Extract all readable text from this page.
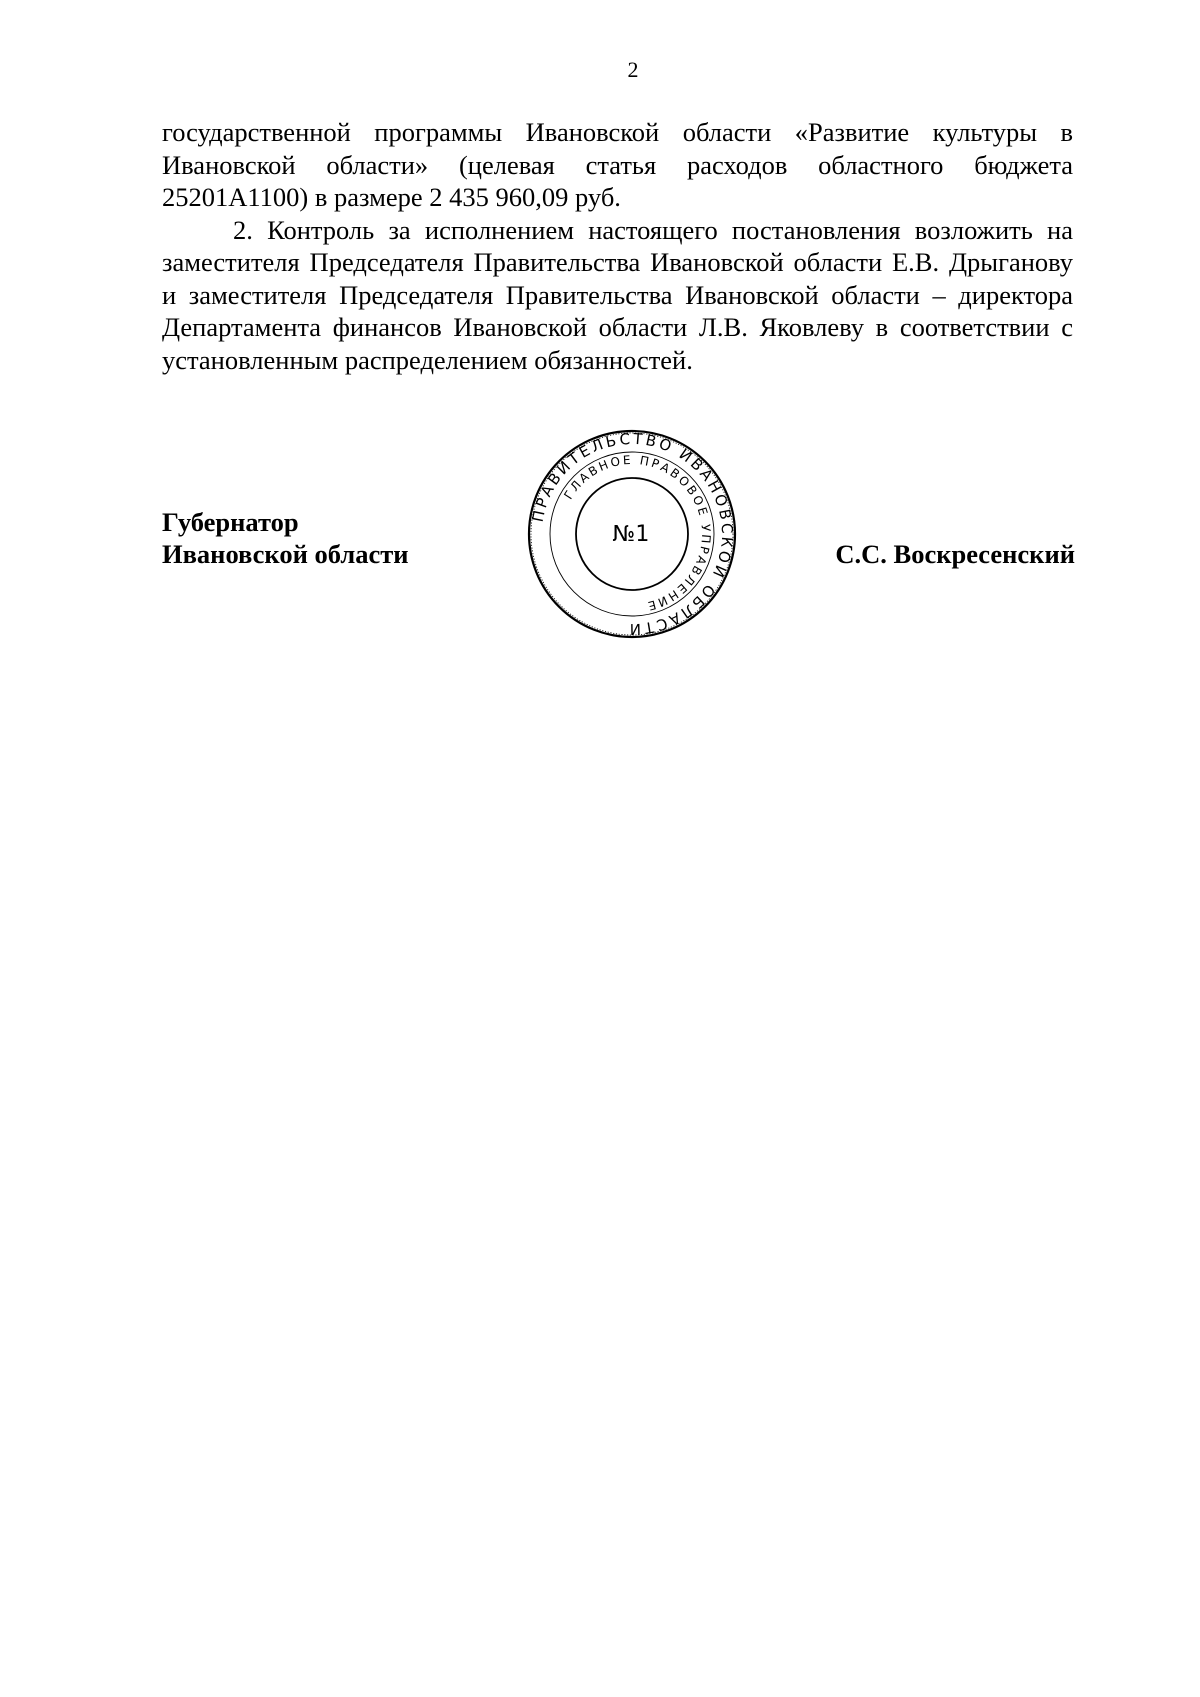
2

государственной программы Ивановской области «Развитие культуры в Ивановской области» (целевая статья расходов областного бюджета 25201A1100) в размере 2 435 960,09 руб.

2. Контроль за исполнением настоящего постановления возложить на заместителя Председателя Правительства Ивановской области Е.В. Дрыганову и заместителя Председателя Правительства Ивановской области – директора Департамента финансов Ивановской области Л.В. Яковлеву в соответствии с установленным распределением обязанностей.

Губернатор
Ивановской области
ПРАВИТЕЛЬСТВО ИВАНОВСКОЙ ОБЛАСТИ
ГЛАВНОЕ ПРАВОВОЕ УПРАВЛЕНИЕ
№1
С.С. Воскресенский
